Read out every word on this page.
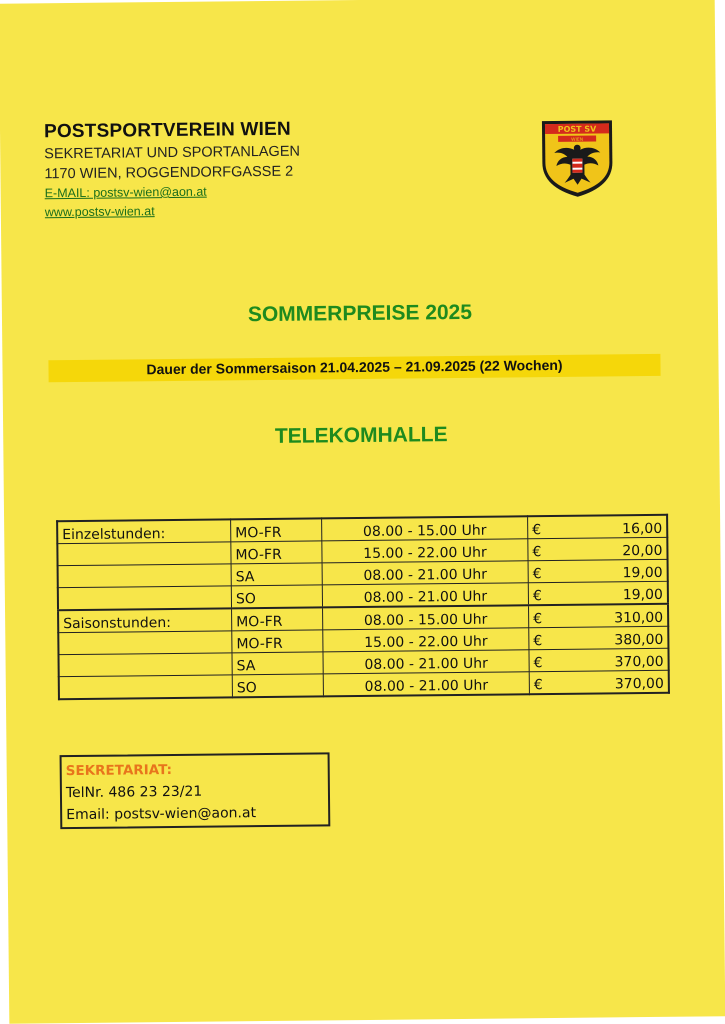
POSTSPORTVEREIN WIEN
SEKRETARIAT UND SPORTANLAGEN
1170 WIEN, ROGGENDORFGASSE 2
E-MAIL: postsv-wien@aon.at
www.postsv-wien.at
POST SV
WIEN
SOMMERPREISE 2025
Dauer der Sommersaison 21.04.2025 – 21.09.2025 (22 Wochen)
TELEKOMHALLE
Einzelstunden:	MO-FR	08.00 - 15.00 Uhr	€ 16,00

	MO-FR	15.00 - 22.00 Uhr	€ 20,00

	SA	08.00 - 21.00 Uhr	€ 19,00

	SO	08.00 - 21.00 Uhr	€ 19,00

Saisonstunden:	MO-FR	08.00 - 15.00 Uhr	€ 310,00

	MO-FR	15.00 - 22.00 Uhr	€ 380,00

	SA	08.00 - 21.00 Uhr	€ 370,00

	SO	08.00 - 21.00 Uhr	€ 370,00
SEKRETARIAT:
TelNr. 486 23 23/21
Email: postsv-wien@aon.at
